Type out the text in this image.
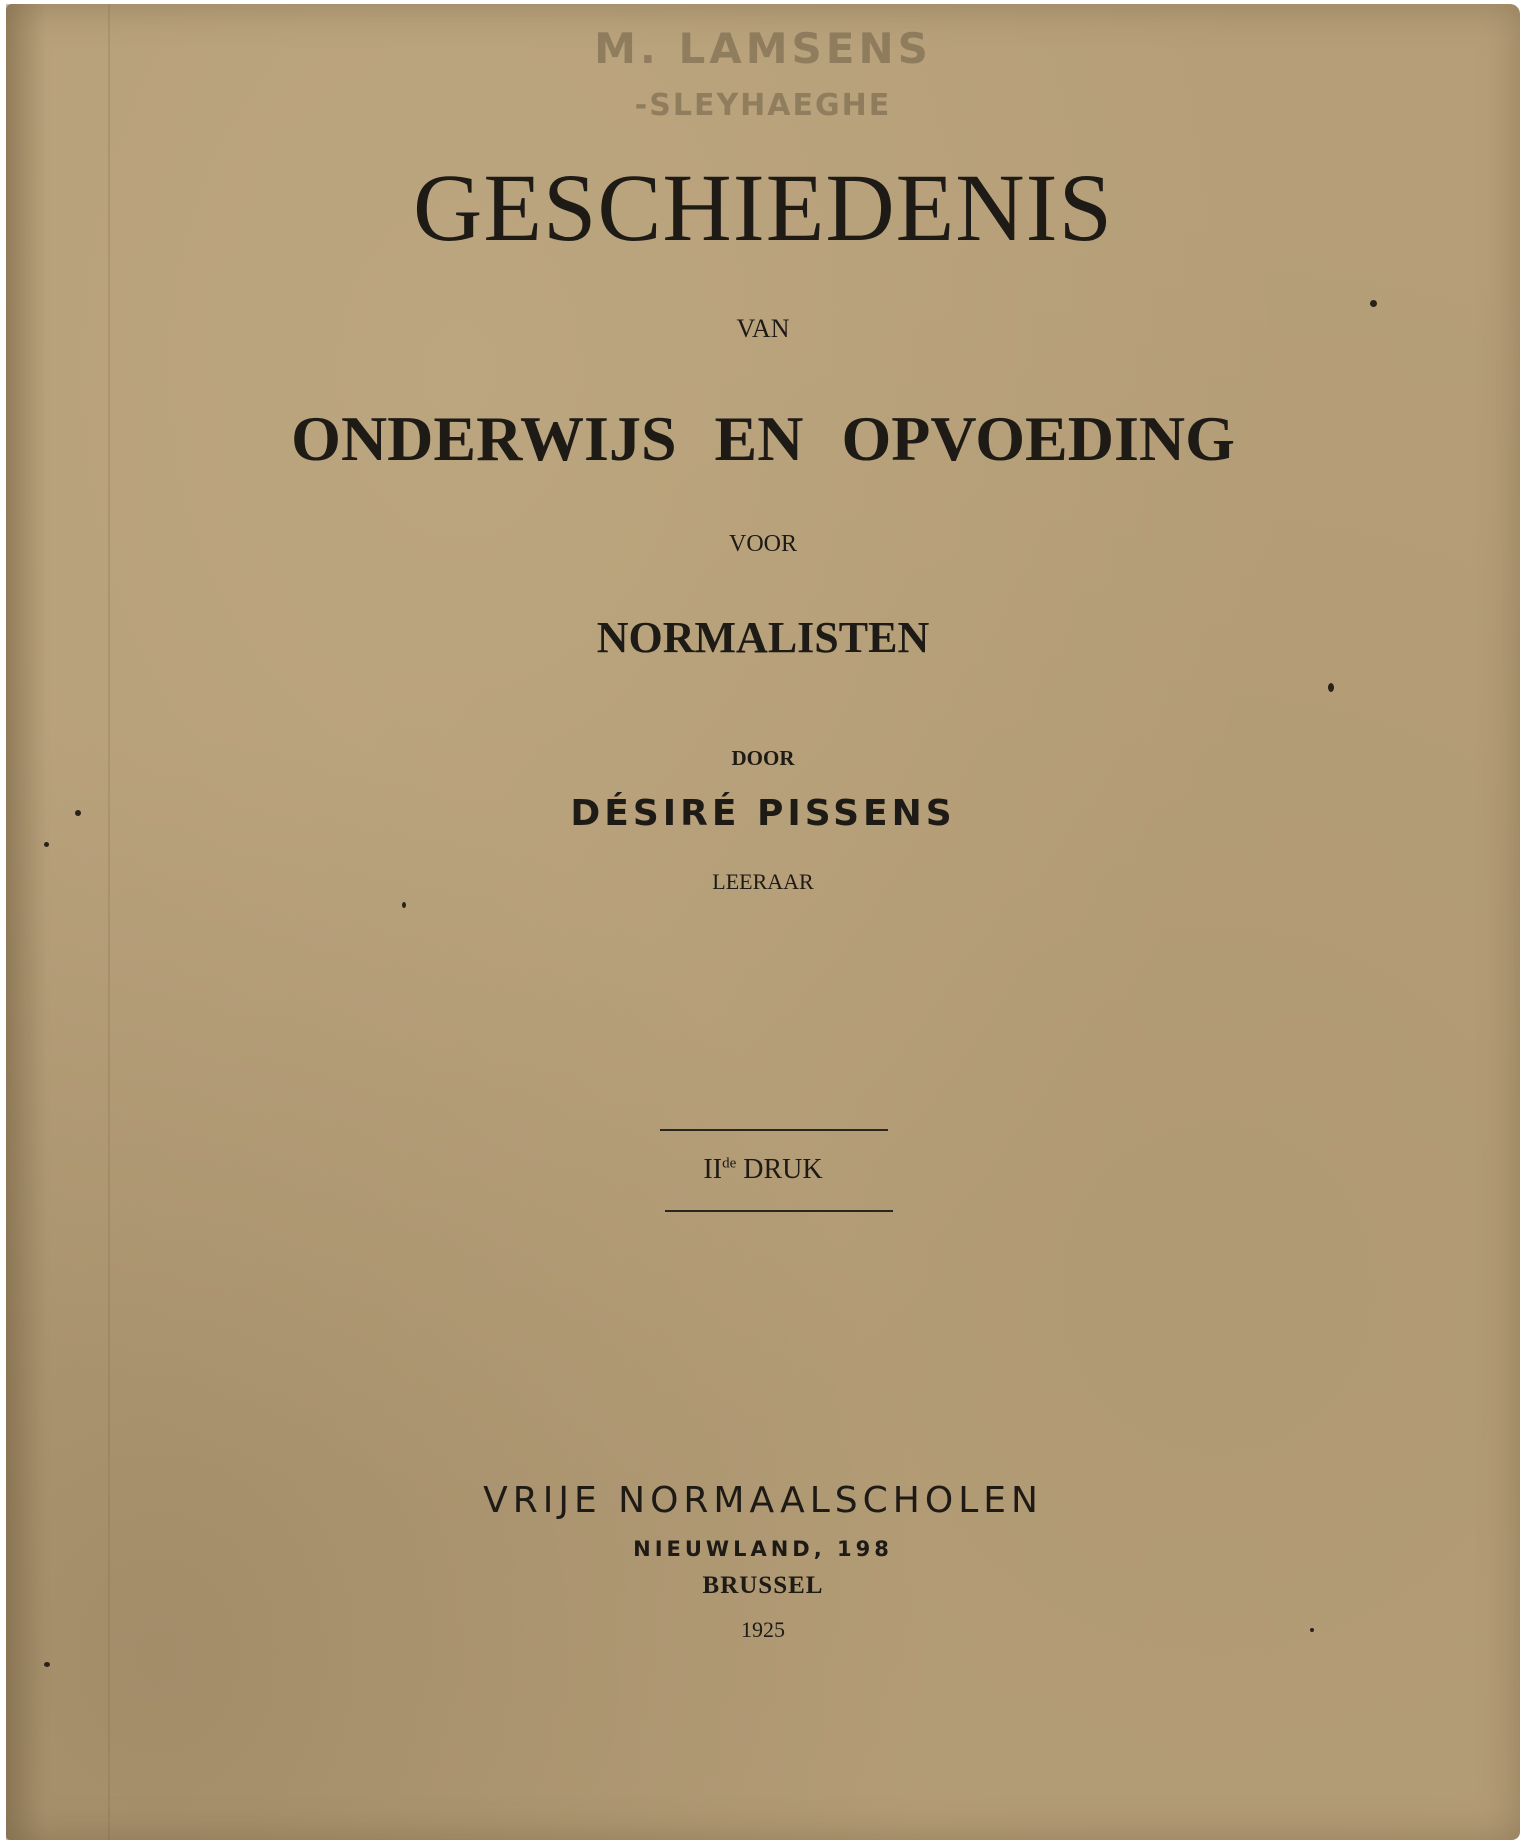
M. LAMSENS
-SLEYHAEGHE
GESCHIEDENIS
VAN
ONDERWIJS EN OPVOEDING
VOOR
NORMALISTEN
DOOR
DÉSIRÉ PISSENS
LEERAAR
IIde DRUK
VRIJE NORMAALSCHOLEN
NIEUWLAND, 198
BRUSSEL
1925
